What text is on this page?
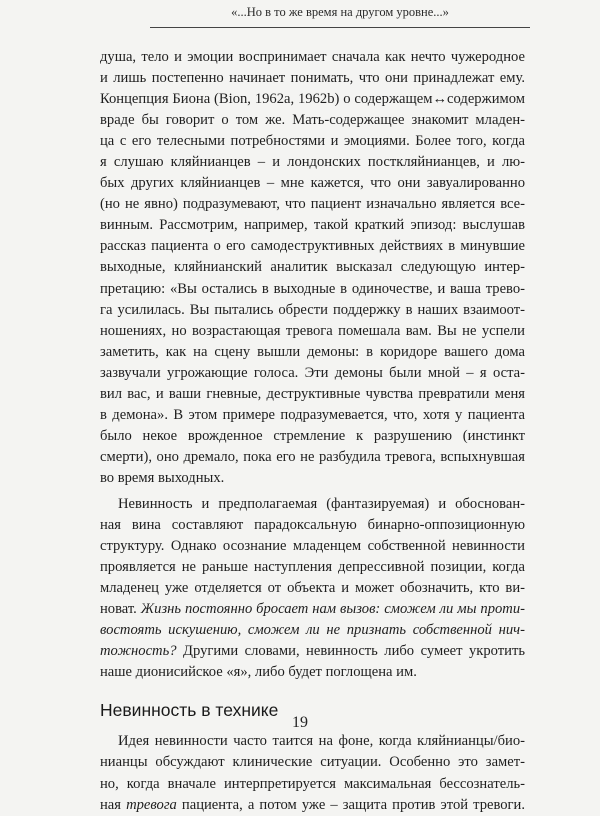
«...Но в то же время на другом уровне...»
душа, тело и эмоции воспринимает сначала как нечто чужеродное
и лишь постепенно начинает понимать, что они принадлежат ему.
Концепция Биона (Bion, 1962a, 1962b) о содержащем↔содержимом
враде бы говорит о том же. Мать-содержащее знакомит младен-
ца с его телесными потребностями и эмоциями. Более того, когда
я слушаю кляйнианцев – и лондонских посткляйнианцев, и лю-
бых других кляйнианцев – мне кажется, что они завуалированно
(но не явно) подразумевают, что пациент изначально является все-
винным. Рассмотрим, например, такой краткий эпизод: выслушав
рассказ пациента о его самодеструктивных действиях в минувшие
выходные, кляйнианский аналитик высказал следующую интер-
претацию: «Вы остались в выходные в одиночестве, и ваша трево-
га усилилась. Вы пытались обрести поддержку в наших взаимоот-
ношениях, но возрастающая тревога помешала вам. Вы не успели
заметить, как на сцену вышли демоны: в коридоре вашего дома
зазвучали угрожающие голоса. Эти демоны были мной – я оста-
вил вас, и ваши гневные, деструктивные чувства превратили меня
в демона». В этом примере подразумевается, что, хотя у пациента
было некое врожденное стремление к разрушению (инстинкт
смерти), оно дремало, пока его не разбудила тревога, вспыхнувшая
во время выходных.
Невинность и предполагаемая (фантазируемая) и обоснован-
ная вина составляют парадоксальную бинарно-оппозиционную
структуру. Однако осознание младенцем собственной невинности
проявляется не раньше наступления депрессивной позиции, когда
младенец уже отделяется от объекта и может обозначить, кто ви-
новат. Жизнь постоянно бросает нам вызов: сможем ли мы проти-
востоять искушению, сможем ли не признать собственной нич-
тожность? Другими словами, невинность либо сумеет укротить
наше дионисийское «я», либо будет поглощена им.
Невинность в технике
Идея невинности часто таится на фоне, когда кляйнианцы/био-
нианцы обсуждают клинические ситуации. Особенно это замет-
но, когда вначале интерпретируется максимальная бессознатель-
ная тревога пациента, а потом уже – защита против этой тревоги.
19
